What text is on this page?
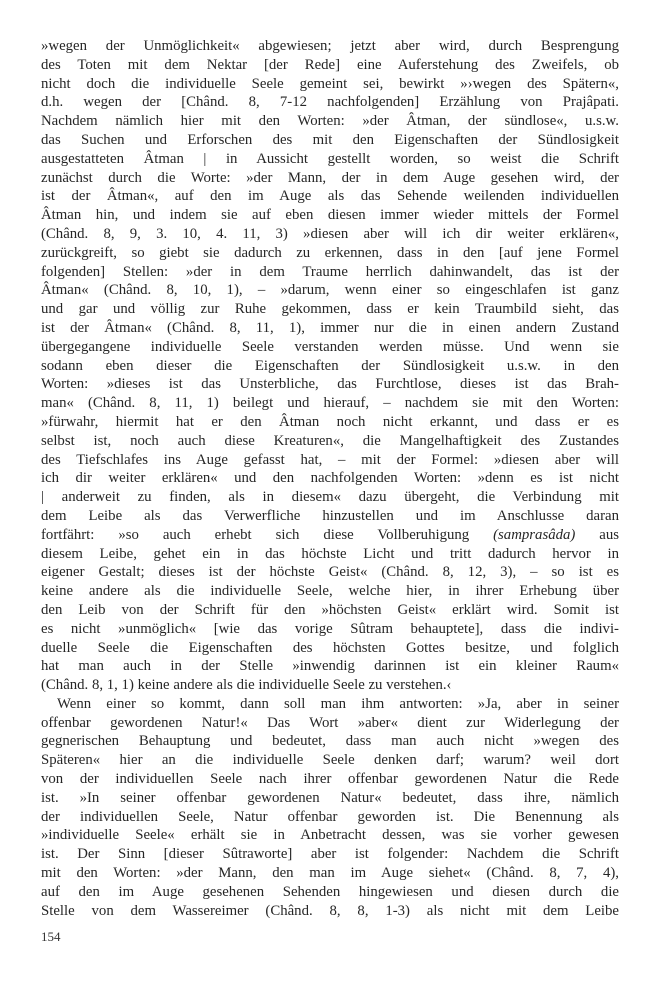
»wegen der Unmöglichkeit« abgewiesen; jetzt aber wird, durch Besprengung
des Toten mit dem Nektar [der Rede] eine Auferstehung des Zweifels, ob
nicht doch die individuelle Seele gemeint sei, bewirkt »›wegen des Spätern«,
d.h. wegen der [Chând. 8, 7-12 nachfolgenden] Erzählung von Prajâpati.
Nachdem nämlich hier mit den Worten: »der Âtman, der sündlose«, u.s.w.
das Suchen und Erforschen des mit den Eigenschaften der Sündlosigkeit
ausgestatteten Âtman | in Aussicht gestellt worden, so weist die Schrift
zunächst durch die Worte: »der Mann, der in dem Auge gesehen wird, der
ist der Âtman«, auf den im Auge als das Sehende weilenden individuellen
Âtman hin, und indem sie auf eben diesen immer wieder mittels der Formel
(Chând. 8, 9, 3. 10, 4. 11, 3) »diesen aber will ich dir weiter erklären«,
zurückgreift, so giebt sie dadurch zu erkennen, dass in den [auf jene Formel
folgenden] Stellen: »der in dem Traume herrlich dahinwandelt, das ist der
Âtman« (Chând. 8, 10, 1), – »darum, wenn einer so eingeschlafen ist ganz
und gar und völlig zur Ruhe gekommen, dass er kein Traumbild sieht, das
ist der Âtman« (Chând. 8, 11, 1), immer nur die in einen andern Zustand
übergegangene individuelle Seele verstanden werden müsse. Und wenn sie
sodann eben dieser die Eigenschaften der Sündlosigkeit u.s.w. in den
Worten: »dieses ist das Unsterbliche, das Furchtlose, dieses ist das Brah-
man« (Chând. 8, 11, 1) beilegt und hierauf, – nachdem sie mit den Worten:
»fürwahr, hiermit hat er den Âtman noch nicht erkannt, und dass er es
selbst ist, noch auch diese Kreaturen«, die Mangelhaftigkeit des Zustandes
des Tiefschlafes ins Auge gefasst hat, – mit der Formel: »diesen aber will
ich dir weiter erklären« und den nachfolgenden Worten: »denn es ist nicht
| anderweit zu finden, als in diesem« dazu übergeht, die Verbindung mit
dem Leibe als das Verwerfliche hinzustellen und im Anschlusse daran
fortfährt: »so auch erhebt sich diese Vollberuhigung (samprasâda) aus
diesem Leibe, gehet ein in das höchste Licht und tritt dadurch hervor in
eigener Gestalt; dieses ist der höchste Geist« (Chând. 8, 12, 3), – so ist es
keine andere als die individuelle Seele, welche hier, in ihrer Erhebung über
den Leib von der Schrift für den »höchsten Geist« erklärt wird. Somit ist
es nicht »unmöglich« [wie das vorige Sûtram behauptete], dass die indivi-
duelle Seele die Eigenschaften des höchsten Gottes besitze, und folglich
hat man auch in der Stelle »inwendig darinnen ist ein kleiner Raum«
(Chând. 8, 1, 1) keine andere als die individuelle Seele zu verstehen.‹
Wenn einer so kommt, dann soll man ihm antworten: »Ja, aber in seiner
offenbar gewordenen Natur!« Das Wort »aber« dient zur Widerlegung der
gegnerischen Behauptung und bedeutet, dass man auch nicht »wegen des
Späteren« hier an die individuelle Seele denken darf; warum? weil dort
von der individuellen Seele nach ihrer offenbar gewordenen Natur die Rede
ist. »In seiner offenbar gewordenen Natur« bedeutet, dass ihre, nämlich
der individuellen Seele, Natur offenbar geworden ist. Die Benennung als
»individuelle Seele« erhält sie in Anbetracht dessen, was sie vorher gewesen
ist. Der Sinn [dieser Sûtraworte] aber ist folgender: Nachdem die Schrift
mit den Worten: »der Mann, den man im Auge siehet« (Chând. 8, 7, 4),
auf den im Auge gesehenen Sehenden hingewiesen und diesen durch die
Stelle von dem Wassereimer (Chând. 8, 8, 1-3) als nicht mit dem Leibe
154
